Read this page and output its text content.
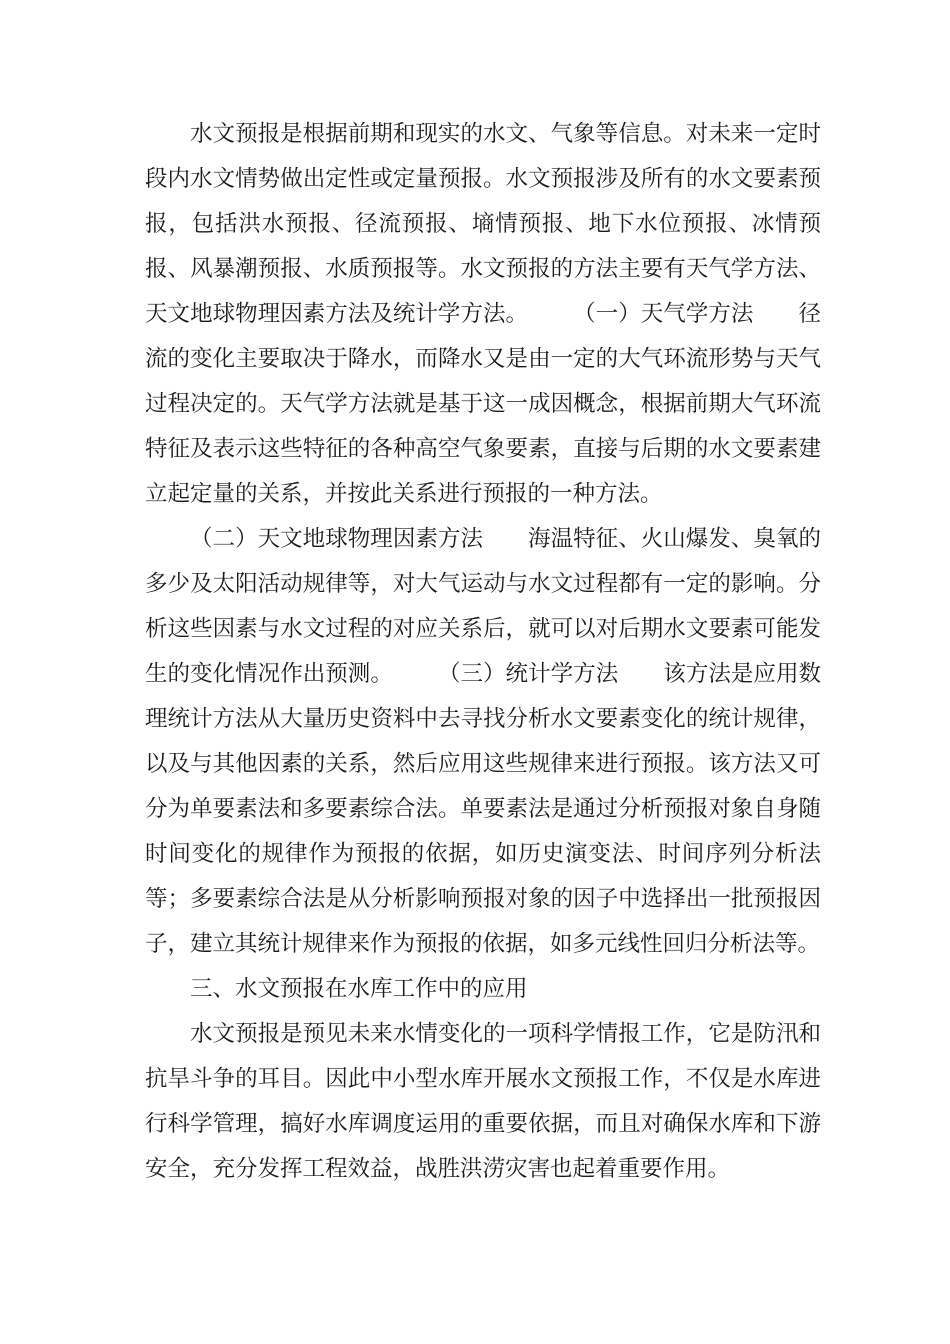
水文预报是根据前期和现实的水文、气象等信息。对未来一定时段内水文情势做出定性或定量预报。水文预报涉及所有的水文要素预报，包括洪水预报、径流预报、墒情预报、地下水位预报、冰情预报、风暴潮预报、水质预报等。水文预报的方法主要有天气学方法、天文地球物理因素方法及统计学方法。　　　（一）天气学方法　　径流的变化主要取决于降水，而降水又是由一定的大气环流形势与天气过程决定的。天气学方法就是基于这一成因概念，根据前期大气环流特征及表示这些特征的各种高空气象要素，直接与后期的水文要素建立起定量的关系，并按此关系进行预报的一种方法。

（二）天文地球物理因素方法　　海温特征、火山爆发、臭氧的多少及太阳活动规律等，对大气运动与水文过程都有一定的影响。分析这些因素与水文过程的对应关系后，就可以对后期水文要素可能发生的变化情况作出预测。　　　（三）统计学方法　　该方法是应用数理统计方法从大量历史资料中去寻找分析水文要素变化的统计规律，以及与其他因素的关系，然后应用这些规律来进行预报。该方法又可分为单要素法和多要素综合法。单要素法是通过分析预报对象自身随时间变化的规律作为预报的依据，如历史演变法、时间序列分析法等；多要素综合法是从分析影响预报对象的因子中选择出一批预报因子，建立其统计规律来作为预报的依据，如多元线性回归分析法等。

三、水文预报在水库工作中的应用

水文预报是预见未来水情变化的一项科学情报工作，它是防汛和抗旱斗争的耳目。因此中小型水库开展水文预报工作，不仅是水库进行科学管理，搞好水库调度运用的重要依据，而且对确保水库和下游安全，充分发挥工程效益，战胜洪涝灾害也起着重要作用。
